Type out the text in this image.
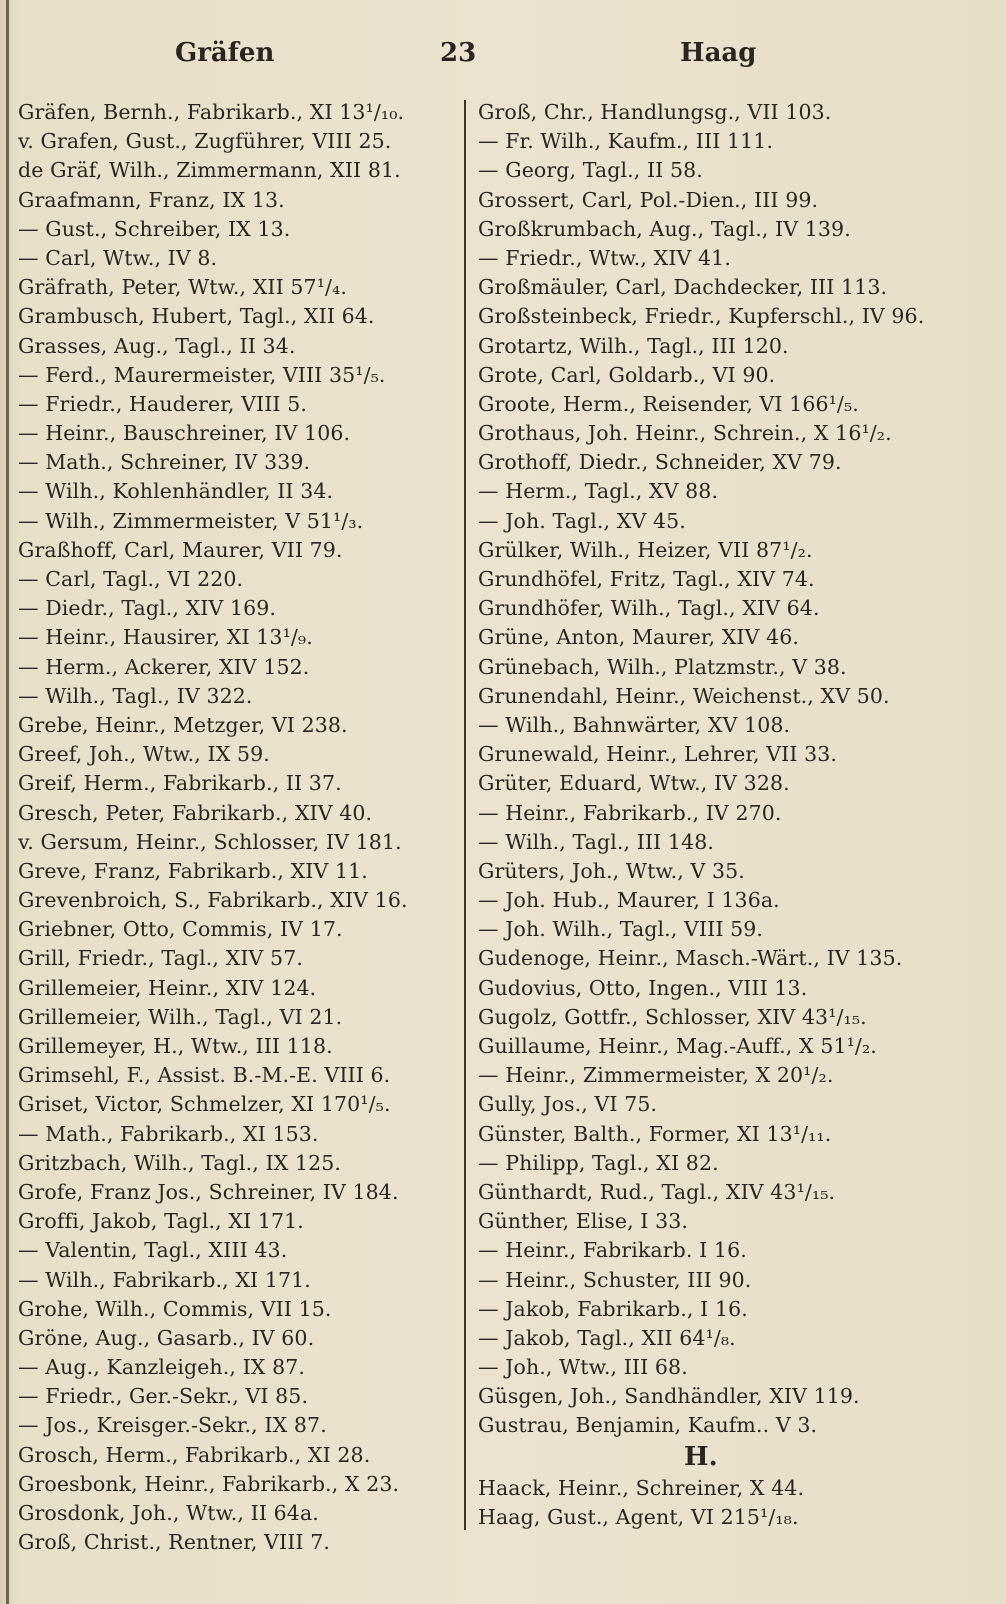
Gräfen	23	Haag
Gräfen, Bernh., Fabrikarb., XI 13¹/₁₀.
v. Grafen, Gust., Zugführer, VIII 25.
de Gräf, Wilh., Zimmermann, XII 81.
Graafmann, Franz, IX 13.
— Gust., Schreiber, IX 13.
— Carl, Wtw., IV 8.
Gräfrath, Peter, Wtw., XII 57¹/₄.
Grambusch, Hubert, Tagl., XII 64.
Grasses, Aug., Tagl., II 34.
— Ferd., Maurermeister, VIII 35¹/₅.
— Friedr., Hauderer, VIII 5.
— Heinr., Bauschreiner, IV 106.
— Math., Schreiner, IV 339.
— Wilh., Kohlenhändler, II 34.
— Wilh., Zimmermeister, V 51¹/₃.
Graßhoff, Carl, Maurer, VII 79.
— Carl, Tagl., VI 220.
— Diedr., Tagl., XIV 169.
— Heinr., Hausirer, XI 13¹/₉.
— Herm., Ackerer, XIV 152.
— Wilh., Tagl., IV 322.
Grebe, Heinr., Metzger, VI 238.
Greef, Joh., Wtw., IX 59.
Greif, Herm., Fabrikarb., II 37.
Gresch, Peter, Fabrikarb., XIV 40.
v. Gersum, Heinr., Schlosser, IV 181.
Greve, Franz, Fabrikarb., XIV 11.
Grevenbroich, S., Fabrikarb., XIV 16.
Griebner, Otto, Commis, IV 17.
Grill, Friedr., Tagl., XIV 57.
Grillemeier, Heinr., XIV 124.
Grillemeier, Wilh., Tagl., VI 21.
Grillemeyer, H., Wtw., III 118.
Grimsehl, F., Assist. B.-M.-E. VIII 6.
Griset, Victor, Schmelzer, XI 170¹/₅.
— Math., Fabrikarb., XI 153.
Gritzbach, Wilh., Tagl., IX 125.
Grofe, Franz Jos., Schreiner, IV 184.
Groffi, Jakob, Tagl., XI 171.
— Valentin, Tagl., XIII 43.
— Wilh., Fabrikarb., XI 171.
Grohe, Wilh., Commis, VII 15.
Gröne, Aug., Gasarb., IV 60.
— Aug., Kanzleigeh., IX 87.
— Friedr., Ger.-Sekr., VI 85.
— Jos., Kreisger.-Sekr., IX 87.
Grosch, Herm., Fabrikarb., XI 28.
Groesbonk, Heinr., Fabrikarb., X 23.
Grosdonk, Joh., Wtw., II 64a.
Groß, Christ., Rentner, VIII 7.
Groß, Chr., Handlungsg., VII 103.
— Fr. Wilh., Kaufm., III 111.
— Georg, Tagl., II 58.
Grossert, Carl, Pol.-Dien., III 99.
Großkrumbach, Aug., Tagl., IV 139.
— Friedr., Wtw., XIV 41.
Großmäuler, Carl, Dachdecker, III 113.
Großsteinbeck, Friedr., Kupferschl., IV 96.
Grotartz, Wilh., Tagl., III 120.
Grote, Carl, Goldarb., VI 90.
Groote, Herm., Reisender, VI 166¹/₅.
Grothaus, Joh. Heinr., Schrein., X 16¹/₂.
Grothoff, Diedr., Schneider, XV 79.
— Herm., Tagl., XV 88.
— Joh. Tagl., XV 45.
Grülker, Wilh., Heizer, VII 87¹/₂.
Grundhöfel, Fritz, Tagl., XIV 74.
Grundhöfer, Wilh., Tagl., XIV 64.
Grüne, Anton, Maurer, XIV 46.
Grünebach, Wilh., Platzmstr., V 38.
Grunendahl, Heinr., Weichenst., XV 50.
— Wilh., Bahnwärter, XV 108.
Grunewald, Heinr., Lehrer, VII 33.
Grüter, Eduard, Wtw., IV 328.
— Heinr., Fabrikarb., IV 270.
— Wilh., Tagl., III 148.
Grüters, Joh., Wtw., V 35.
— Joh. Hub., Maurer, I 136a.
— Joh. Wilh., Tagl., VIII 59.
Gudenoge, Heinr., Masch.-Wärt., IV 135.
Gudovius, Otto, Ingen., VIII 13.
Gugolz, Gottfr., Schlosser, XIV 43¹/₁₅.
Guillaume, Heinr., Mag.-Auff., X 51¹/₂.
— Heinr., Zimmermeister, X 20¹/₂.
Gully, Jos., VI 75.
Günster, Balth., Former, XI 13¹/₁₁.
— Philipp, Tagl., XI 82.
Günthardt, Rud., Tagl., XIV 43¹/₁₅.
Günther, Elise, I 33.
— Heinr., Fabrikarb. I 16.
— Heinr., Schuster, III 90.
— Jakob, Fabrikarb., I 16.
— Jakob, Tagl., XII 64¹/₈.
— Joh., Wtw., III 68.
Güsgen, Joh., Sandhändler, XIV 119.
Gustrau, Benjamin, Kaufm.. V 3.
H.
Haack, Heinr., Schreiner, X 44.
Haag, Gust., Agent, VI 215¹/₁₈.
